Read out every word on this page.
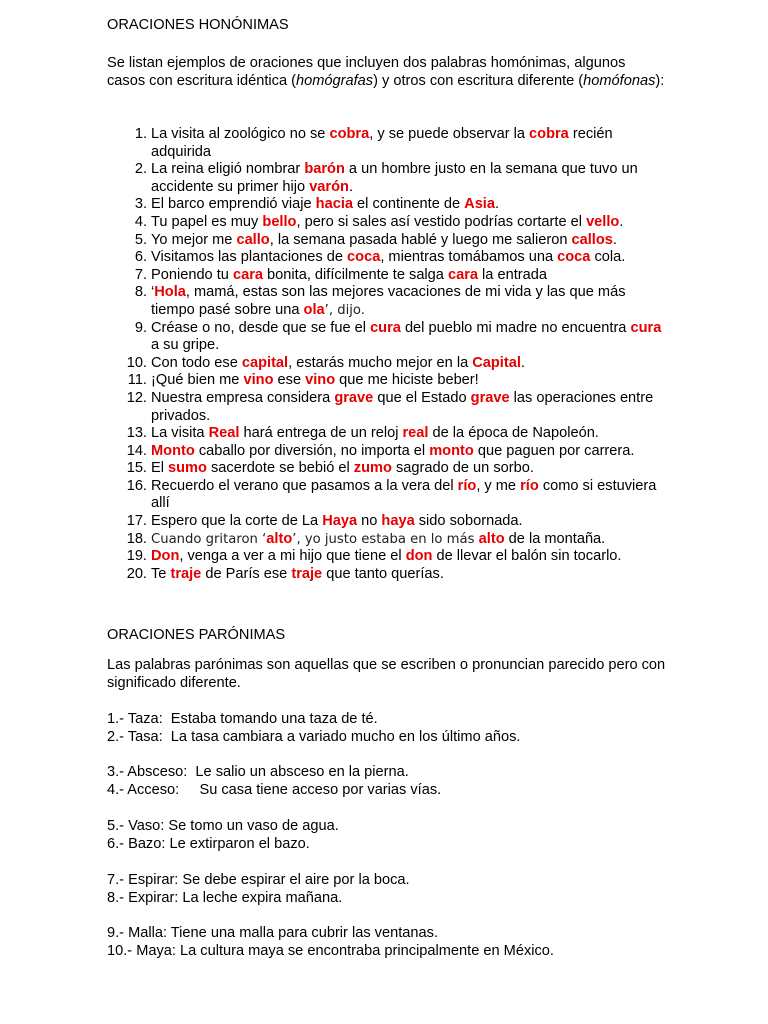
ORACIONES HONÓNIMAS

Se listan ejemplos de oraciones que incluyen dos palabras homónimas, algunos casos con escritura idéntica (homógrafas) y otros con escritura diferente (homófonas):

1. La visita al zoológico no se cobra, y se puede observar la cobra recién adquirida
2. La reina eligió nombrar barón a un hombre justo en la semana que tuvo un accidente su primer hijo varón.
3. El barco emprendió viaje hacia el continente de Asia.
4. Tu papel es muy bello, pero si sales así vestido podrías cortarte el vello.
5. Yo mejor me callo, la semana pasada hablé y luego me salieron callos.
6. Visitamos las plantaciones de coca, mientras tomábamos una coca cola.
7. Poniendo tu cara bonita, difícilmente te salga cara la entrada
8. ‘Hola, mamá, estas son las mejores vacaciones de mi vida y las que más tiempo pasé sobre una ola’, dijo.
9. Créase o no, desde que se fue el cura del pueblo mi madre no encuentra cura a su gripe.
10. Con todo ese capital, estarás mucho mejor en la Capital.
11. ¡Qué bien me vino ese vino que me hiciste beber!
12. Nuestra empresa considera grave que el Estado grave las operaciones entre privados.
13. La visita Real hará entrega de un reloj real de la época de Napoleón.
14. Monto caballo por diversión, no importa el monto que paguen por carrera.
15. El sumo sacerdote se bebió el zumo sagrado de un sorbo.
16. Recuerdo el verano que pasamos a la vera del río, y me río como si estuviera allí
17. Espero que la corte de La Haya no haya sido sobornada.
18. Cuando gritaron ‘alto’, yo justo estaba en lo más alto de la montaña.
19. Don, venga a ver a mi hijo que tiene el don de llevar el balón sin tocarlo.
20. Te traje de París ese traje que tanto querías.

ORACIONES PARÓNIMAS

Las palabras parónimas son aquellas que se escriben o pronuncian parecido pero con significado diferente.

1.- Taza:  Estaba tomando una taza de té.
2.- Tasa:  La tasa cambiara a variado mucho en los último años.
3.- Absceso:  Le salio un absceso en la pierna.
4.- Acceso:     Su casa tiene acceso por varias vías.
5.- Vaso: Se tomo un vaso de agua.
6.- Bazo: Le extirparon el bazo.
7.- Espirar: Se debe espirar el aire por la boca.
8.- Expirar: La leche expira mañana.
9.- Malla: Tiene una malla para cubrir las ventanas.
10.- Maya: La cultura maya se encontraba principalmente en México.
